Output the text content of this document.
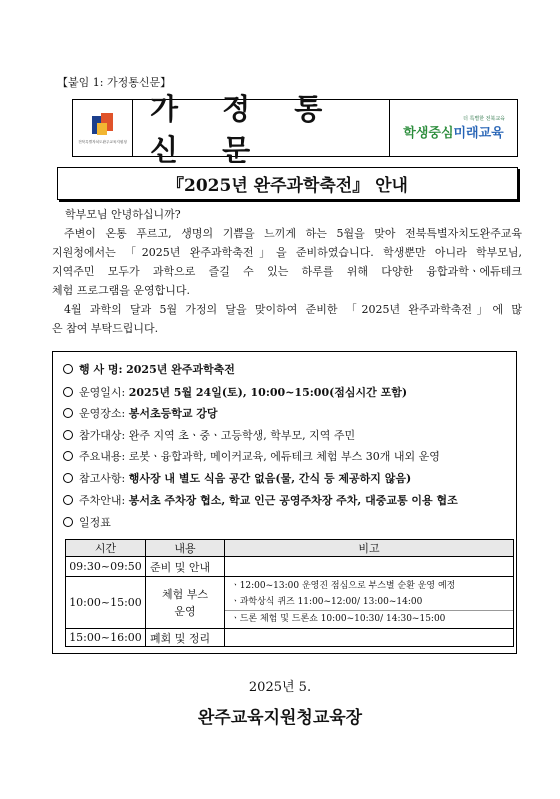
【붙임 1: 가정통신문】
전북특별자치도완주교육지원청
가 정 통 신 문
더 특별한 전북교육
학생중심미래교육
『2025년 완주과학축전』 안내
학부모님 안녕하십니까?
주변이 온통 푸르고, 생명의 기쁨을 느끼게 하는 5월을 맞아 전북특별자치도완주교육
지원청에서는 「2025년 완주과학축전」을 준비하였습니다. 학생뿐만 아니라 학부모님,
지역주민 모두가 과학으로 즐길 수 있는 하루를 위해 다양한 융합과학ㆍ에듀테크
체험 프로그램을 운영합니다.
4월 과학의 달과 5월 가정의 달을 맞이하여 준비한 「2025년 완주과학축전」에 많
은 참여 부탁드립니다.
행 사 명: 2025년 완주과학축전
운영일시: 2025년 5월 24일(토), 10:00~15:00(점심시간 포함)
운영장소: 봉서초등학교 강당
참가대상: 완주 지역 초ㆍ중ㆍ고등학생, 학부모, 지역 주민
주요내용: 로봇ㆍ융합과학, 메이커교육, 에듀테크 체험 부스 30개 내외 운영
참고사항: 행사장 내 별도 식음 공간 없음(물, 간식 등 제공하지 않음)
주차안내: 봉서초 주차장 협소, 학교 인근 공영주차장 주차, 대중교통 이용 협조
일정표
시간	내용	비고
09:30~09:50	준비 및 안내	
10:00~15:00	체험 부스 운영	ㆍ12:00~13:00 운영진 점심으로 부스별 순환 운영 예정
ㆍ과학상식 퀴즈 11:00~12:00/ 13:00~14:00
ㆍ드론 체험 및 드론쇼 10:00~10:30/ 14:30~15:00

15:00~16:00	폐회 및 정리	
2025년 5.
완주교육지원청교육장
